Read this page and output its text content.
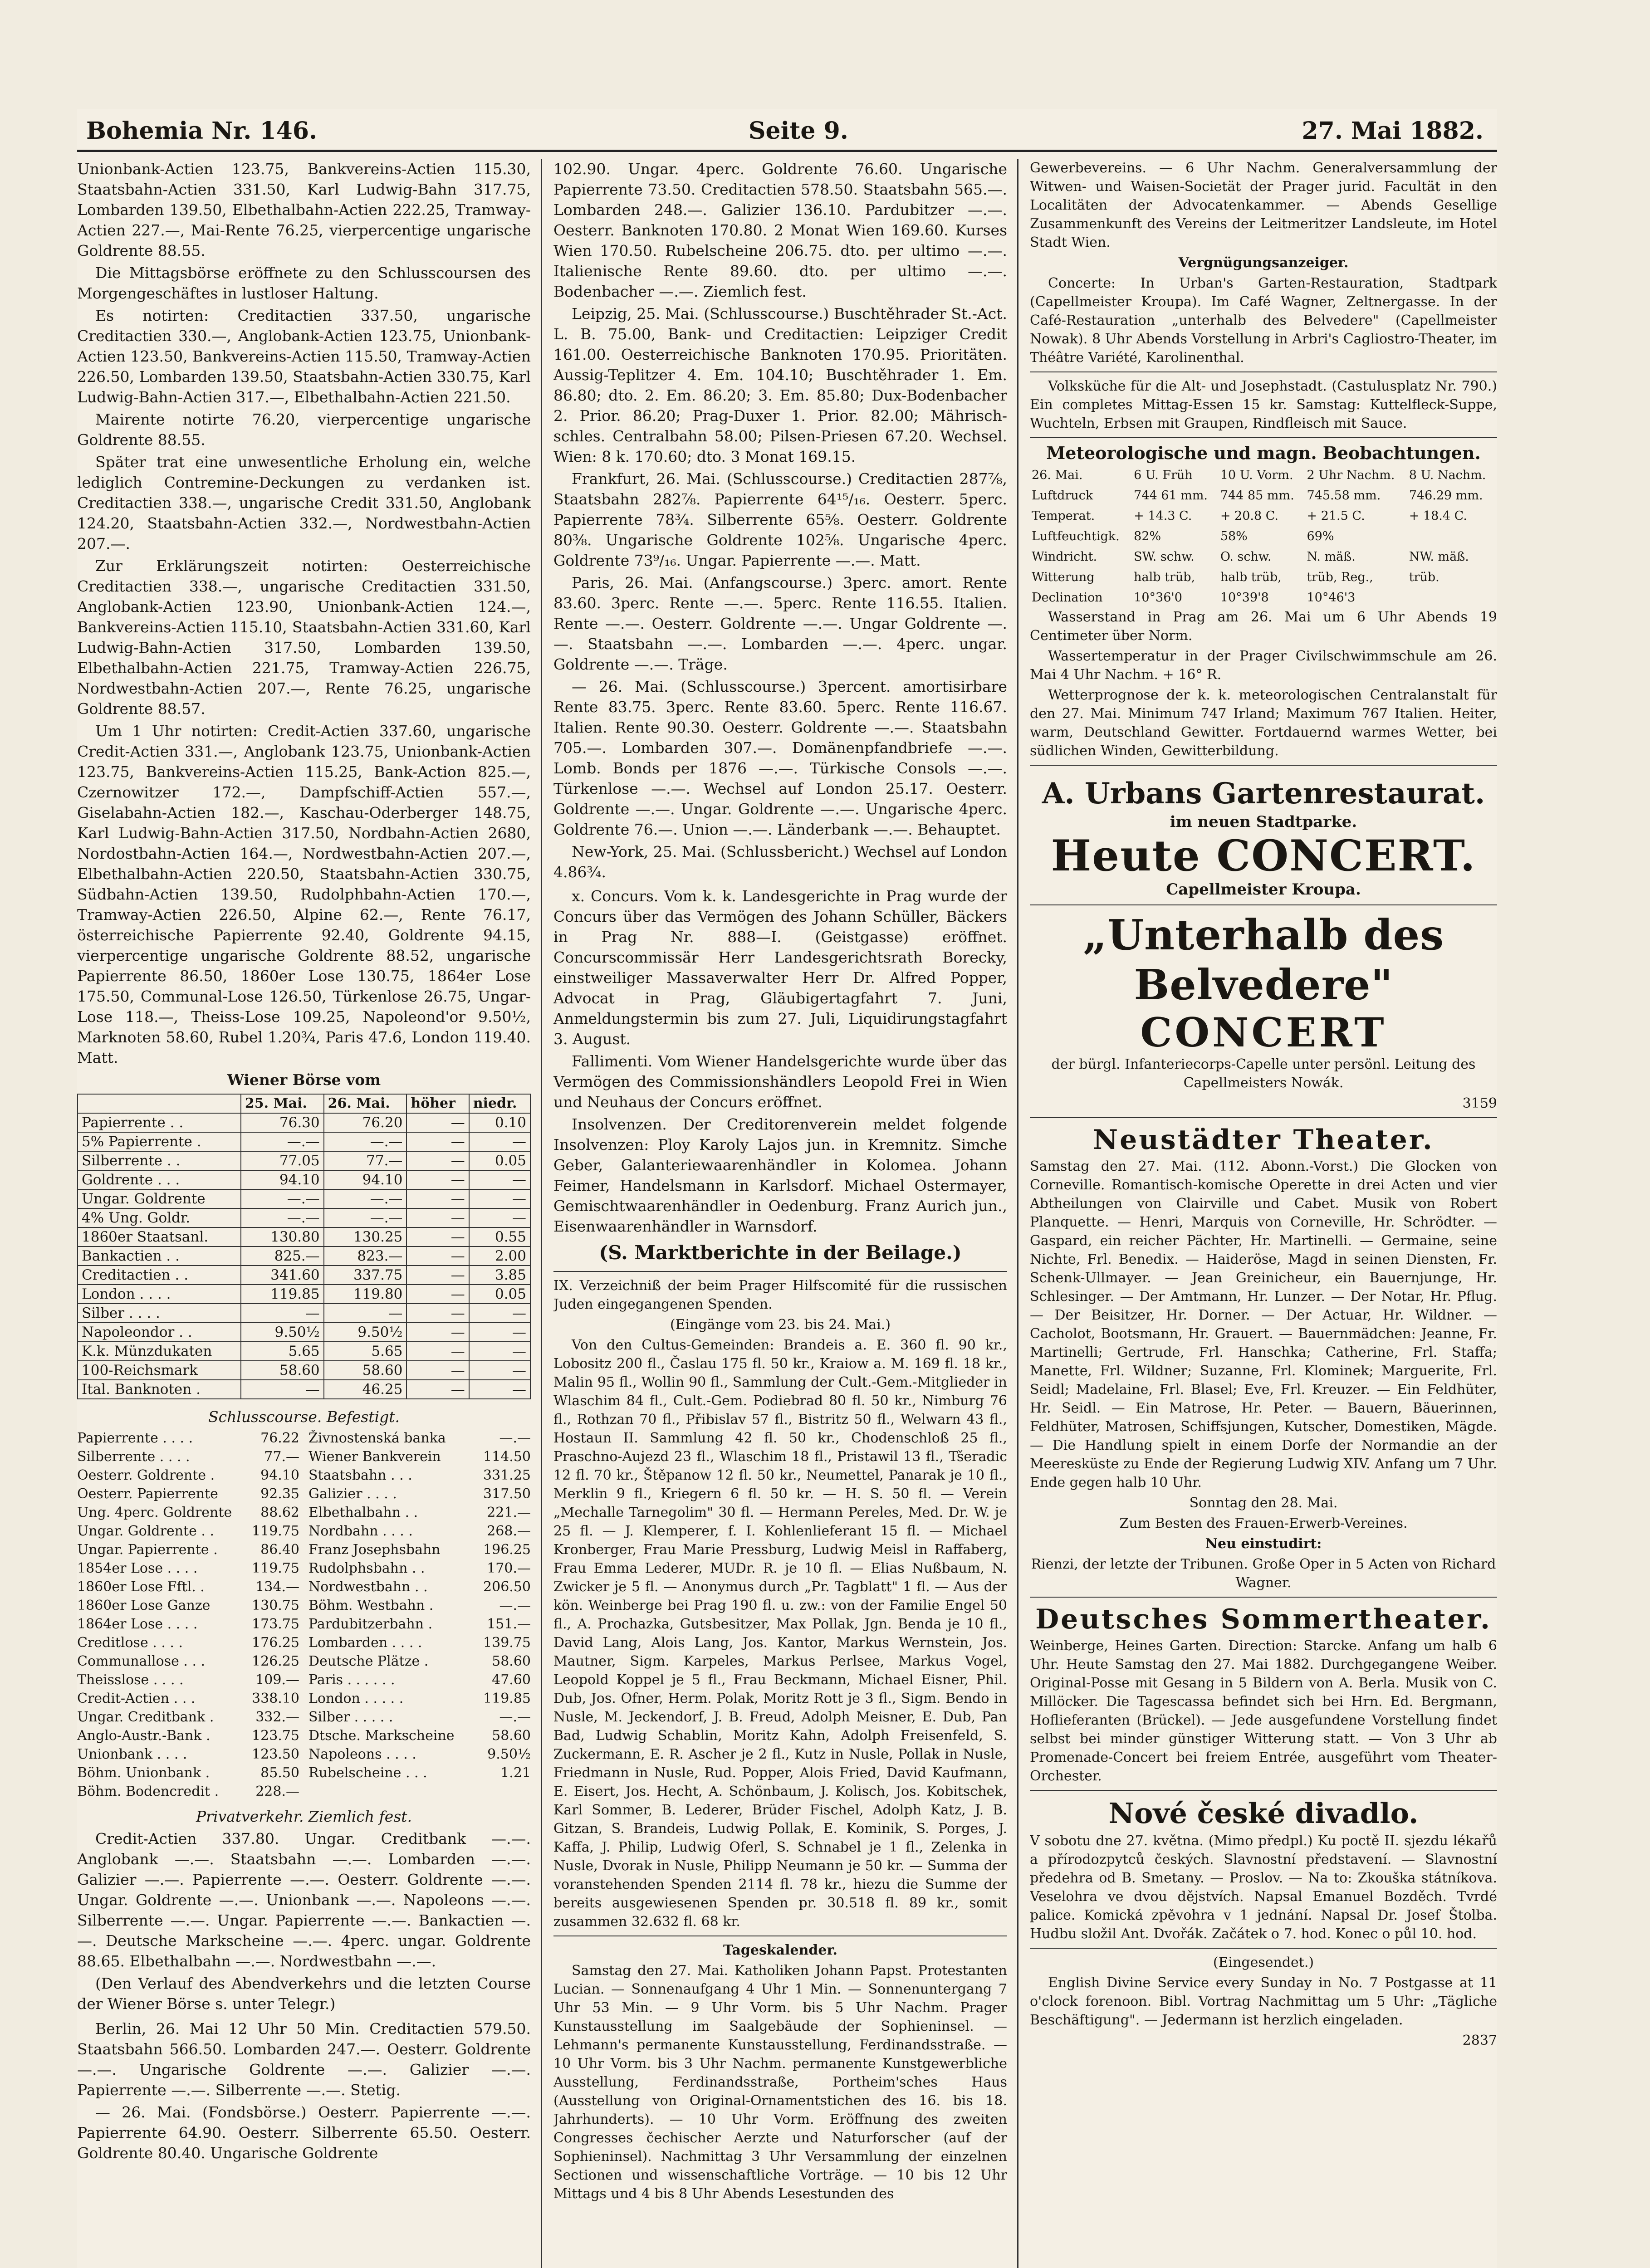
Bohemia Nr. 146.	Seite 9.	27. Mai 1882.

Unionbank-Actien 123.75, Bankvereins-Actien 115.30, Staatsbahn-Actien 331.50, Karl Ludwig-Bahn 317.75, Lombarden 139.50, Elbethalbahn-Actien 222.25, Tramway-Actien 227.—, Mai-Rente 76.25, vierpercentige ungarische Goldrente 88.55.

Die Mittagsbörse eröffnete zu den Schlusscoursen des Morgengeschäftes in lustloser Haltung.

Es notirten: Creditactien 337.50, ungarische Creditactien 330.—, Anglobank-Actien 123.75, Unionbank-Actien 123.50, Bankvereins-Actien 115.50, Tramway-Actien 226.50, Lombarden 139.50, Staatsbahn-Actien 330.75, Karl Ludwig-Bahn-Actien 317.—, Elbethalbahn-Actien 221.50.

Mairente notirte 76.20, vierpercentige ungarische Goldrente 88.55.

Später trat eine unwesentliche Erholung ein, welche lediglich Contremine-Deckungen zu verdanken ist. Creditactien 338.—, ungarische Credit 331.50, Anglobank 124.20, Staatsbahn-Actien 332.—, Nordwestbahn-Actien 207.—.

Zur Erklärungszeit notirten: Oesterreichische Creditactien 338.—, ungarische Creditactien 331.50, Anglobank-Actien 123.90, Unionbank-Actien 124.—, Bankvereins-Actien 115.10, Staatsbahn-Actien 331.60, Karl Ludwig-Bahn-Actien 317.50, Lombarden 139.50, Elbethalbahn-Actien 221.75, Tramway-Actien 226.75, Nordwestbahn-Actien 207.—, Rente 76.25, ungarische Goldrente 88.57.

Um 1 Uhr notirten: Credit-Actien 337.60, ungarische Credit-Actien 331.—, Anglobank 123.75, Unionbank-Actien 123.75, Bankvereins-Actien 115.25, Bank-Action 825.—, Czernowitzer 172.—, Dampfschiff-Actien 557.—, Giselabahn-Actien 182.—, Kaschau-Oderberger 148.75, Karl Ludwig-Bahn-Actien 317.50, Nordbahn-Actien 2680, Nordostbahn-Actien 164.—, Nordwestbahn-Actien 207.—, Elbethalbahn-Actien 220.50, Staatsbahn-Actien 330.75, Südbahn-Actien 139.50, Rudolphbahn-Actien 170.—, Tramway-Actien 226.50, Alpine 62.—, Rente 76.17, österreichische Papierrente 92.40, Goldrente 94.15, vierpercentige ungarische Goldrente 88.52, ungarische Papierrente 86.50, 1860er Lose 130.75, 1864er Lose 175.50, Communal-Lose 126.50, Türkenlose 26.75, Ungar-Lose 118.—, Theiss-Lose 109.25, Napoleond'or 9.50½, Marknoten 58.60, Rubel 1.20¾, Paris 47.6, London 119.40. Matt.

Wiener Börse vom

	25. Mai.	26. Mai.	höher	niedr.
Papierrente . .	76.30	76.20	—	0.10
5% Papierrente .	—.—	—.—	—	—
Silberrente . .	77.05	77.—	—	0.05
Goldrente . . .	94.10	94.10	—	—
Ungar. Goldrente	—.—	—.—	—	—
4% Ung. Goldr.	—.—	—.—	—	—
1860er Staatsanl.	130.80	130.25	—	0.55
Bankactien . .	825.—	823.—	—	2.00
Creditactien . .	341.60	337.75	—	3.85
London . . . .	119.85	119.80	—	0.05
Silber . . . .	—	—	—	—
Napoleondor . .	9.50½	9.50½	—	—
K.k. Münzdukaten	5.65	5.65	—	—
100-Reichsmark	58.60	58.60	—	—
Ital. Banknoten .	—	46.25	—	—

Schlusscourse. Befestigt.

Papierrente . . . .	76.22 Živnostenská banka	—.—
Silberrente . . . .	77.— Wiener Bankverein	114.50
Oesterr. Goldrente .	94.10 Staatsbahn . . .	331.25
Oesterr. Papierrente	92.35 Galizier . . . .	317.50
Ung. 4perc. Goldrente 88.62 Elbethalbahn . .	221.—
Ungar. Goldrente . .	119.75 Nordbahn . . . .	268.—
Ungar. Papierrente .	86.40 Franz Josephsbahn	196.25
1854er Lose . . . .	119.75 Rudolphsbahn . .	170.—
1860er Lose Fftl. .	134.— Nordwestbahn . .	206.50
1860er Lose Ganze	130.75 Böhm. Westbahn .	—.—
1864er Lose . . . .	173.75 Pardubitzerbahn .	151.—
Creditlose . . . .	176.25 Lombarden . . . .	139.75
Communallose . . .	126.25 Deutsche Plätze .	58.60
Theisslose . . . .	109.— Paris . . . . . .	47.60
Credit-Actien . . .	338.10 London . . . . .	119.85
Ungar. Creditbank .	332.— Silber . . . . .	—.—
Anglo-Austr.-Bank .	123.75 Dtsche. Markscheine	58.60
Unionbank . . . .	123.50 Napoleons . . . .	9.50½
Böhm. Unionbank .	85.50 Rubelscheine . . .	1.21
Böhm. Bodencredit .	228.—

Privatverkehr. Ziemlich fest.

Credit-Actien 337.80. Ungar. Creditbank —.—. Anglobank —.—. Staatsbahn —.—. Lombarden —.—. Galizier —.—. Papierrente —.—. Oesterr. Goldrente —.—. Ungar. Goldrente —.—. Unionbank —.—. Napoleons —.—. Silberrente —.—. Ungar. Papierrente —.—. Bankactien —.—. Deutsche Markscheine —.—. 4perc. ungar. Goldrente 88.65. Elbethalbahn —.—. Nordwestbahn —.—.

(Den Verlauf des Abendverkehrs und die letzten Course der Wiener Börse s. unter Telegr.)

Berlin, 26. Mai 12 Uhr 50 Min. Creditactien 579.50. Staatsbahn 566.50. Lombarden 247.—. Oesterr. Goldrente —.—. Ungarische Goldrente —.—. Galizier —.—. Papierrente —.—. Silberrente —.—. Stetig.

— 26. Mai. (Fondsbörse.) Oesterr. Papierrente —.—. Papierrente 64.90. Oesterr. Silberrente 65.50. Oesterr. Goldrente 80.40. Ungarische Goldrente

102.90. Ungar. 4perc. Goldrente 76.60. Ungarische Papierrente 73.50. Creditactien 578.50. Staatsbahn 565.—. Lombarden 248.—. Galizier 136.10. Pardubitzer —.—. Oesterr. Banknoten 170.80. 2 Monat Wien 169.60. Kurses Wien 170.50. Rubelscheine 206.75. dto. per ultimo —.—. Italienische Rente 89.60. dto. per ultimo —.—. Bodenbacher —.—. Ziemlich fest.

Leipzig, 25. Mai. (Schlusscourse.) Buschtěhrader St.-Act. L. B. 75.00, Bank- und Creditactien: Leipziger Credit 161.00. Oesterreichische Banknoten 170.95. Prioritäten. Aussig-Teplitzer 4. Em. 104.10; Buschtěhrader 1. Em. 86.80; dto. 2. Em. 86.20; 3. Em. 85.80; Dux-Bodenbacher 2. Prior. 86.20; Prag-Duxer 1. Prior. 82.00; Mährisch-schles. Centralbahn 58.00; Pilsen-Priesen 67.20. Wechsel. Wien: 8 k. 170.60; dto. 3 Monat 169.15.

Frankfurt, 26. Mai. (Schlusscourse.) Creditactien 287⅞, Staatsbahn 282⅞. Papierrente 64¹⁵/₁₆. Oesterr. 5perc. Papierrente 78¾. Silberrente 65⅝. Oesterr. Goldrente 80⅜. Ungarische Goldrente 102⅝. Ungarische 4perc. Goldrente 73⁹/₁₆. Ungar. Papierrente —.—. Matt.

Paris, 26. Mai. (Anfangscourse.) 3perc. amort. Rente 83.60. 3perc. Rente —.—. 5perc. Rente 116.55. Italien. Rente —.—. Oesterr. Goldrente —.—. Ungar Goldrente —.—. Staatsbahn —.—. Lombarden —.—. 4perc. ungar. Goldrente —.—. Träge.

— 26. Mai. (Schlusscourse.) 3percent. amortisirbare Rente 83.75. 3perc. Rente 83.60. 5perc. Rente 116.67. Italien. Rente 90.30. Oesterr. Goldrente —.—. Staatsbahn 705.—. Lombarden 307.—. Domänenpfandbriefe —.—. Lomb. Bonds per 1876 —.—. Türkische Consols —.—. Türkenlose —.—. Wechsel auf London 25.17. Oesterr. Goldrente —.—. Ungar. Goldrente —.—. Ungarische 4perc. Goldrente 76.—. Union —.—. Länderbank —.—. Behauptet.

New-York, 25. Mai. (Schlussbericht.) Wechsel auf London 4.86¾.

x. Concurs. Vom k. k. Landesgerichte in Prag wurde der Concurs über das Vermögen des Johann Schüller, Bäckers in Prag Nr. 888—I. (Geistgasse) eröffnet. Concurscommissär Herr Landesgerichtsrath Borecky, einstweiliger Massaverwalter Herr Dr. Alfred Popper, Advocat in Prag, Gläubigertagfahrt 7. Juni, Anmeldungstermin bis zum 27. Juli, Liquidirungstagfahrt 3. August.

Fallimenti. Vom Wiener Handelsgerichte wurde über das Vermögen des Commissionshändlers Leopold Frei in Wien und Neuhaus der Concurs eröffnet.

Insolvenzen. Der Creditorenverein meldet folgende Insolvenzen: Ploy Karoly Lajos jun. in Kremnitz. Simche Geber, Galanteriewaarenhändler in Kolomea. Johann Feimer, Handelsmann in Karlsdorf. Michael Ostermayer, Gemischtwaarenhändler in Oedenburg. Franz Aurich jun., Eisenwaarenhändler in Warnsdorf.

(S. Marktberichte in der Beilage.)

IX. Verzeichniß der beim Prager Hilfscomité für die russischen Juden eingegangenen Spenden.

(Eingänge vom 23. bis 24. Mai.)

Von den Cultus-Gemeinden: Brandeis a. E. 360 fl. 90 kr., Lobositz 200 fl., Časlau 175 fl. 50 kr., Kraiow a. M. 169 fl. 18 kr., Malin 95 fl., Wollin 90 fl., Sammlung der Cult.-Gem.-Mitglieder in Wlaschim 84 fl., Cult.-Gem. Podiebrad 80 fl. 50 kr., Nimburg 76 fl., Rothzan 70 fl., Přibislav 57 fl., Bistritz 50 fl., Welwarn 43 fl., Hostaun II. Sammlung 42 fl. 50 kr., Chodenschloß 25 fl., Praschno-Aujezd 23 fl., Wlaschim 18 fl., Pristawil 13 fl., Tšeradic 12 fl. 70 kr., Štěpanow 12 fl. 50 kr., Neumettel, Panarak je 10 fl., Merklin 9 fl., Kriegern 6 fl. 50 kr. — H. S. 50 fl. — Verein „Mechalle Tarnegolim" 30 fl. — Hermann Pereles, Med. Dr. W. je 25 fl. — J. Klemperer, f. I. Kohlenlieferant 15 fl. — Michael Kronberger, Frau Marie Pressburg, Ludwig Meisl in Raffaberg, Frau Emma Lederer, MUDr. R. je 10 fl. — Elias Nußbaum, N. Zwicker je 5 fl. — Anonymus durch „Pr. Tagblatt" 1 fl. — Aus der kön. Weinberge bei Prag 190 fl. u. zw.: von der Familie Engel 50 fl., A. Prochazka, Gutsbesitzer, Max Pollak, Jgn. Benda je 10 fl., David Lang, Alois Lang, Jos. Kantor, Markus Wernstein, Jos. Mautner, Sigm. Karpeles, Markus Perlsee, Markus Vogel, Leopold Koppel je 5 fl., Frau Beckmann, Michael Eisner, Phil. Dub, Jos. Ofner, Herm. Polak, Moritz Rott je 3 fl., Sigm. Bendo in Nusle, M. Jeckendorf, J. B. Freud, Adolph Meisner, E. Dub, Pan Bad, Ludwig Schablin, Moritz Kahn, Adolph Freisenfeld, S. Zuckermann, E. R. Ascher je 2 fl., Kutz in Nusle, Pollak in Nusle, Friedmann in Nusle, Rud. Popper, Alois Fried, David Kaufmann, E. Eisert, Jos. Hecht, A. Schönbaum, J. Kolisch, Jos. Kobitschek, Karl Sommer, B. Lederer, Brüder Fischel, Adolph Katz, J. B. Gitzan, S. Brandeis, Ludwig Pollak, E. Kominik, S. Porges, J. Kaffa, J. Philip, Ludwig Oferl, S. Schnabel je 1 fl., Zelenka in Nusle, Dvorak in Nusle, Philipp Neumann je 50 kr. — Summa der voranstehenden Spenden 2114 fl. 78 kr., hiezu die Summe der bereits ausgewiesenen Spenden pr. 30.518 fl. 89 kr., somit zusammen 32.632 fl. 68 kr.

Tageskalender.

Samstag den 27. Mai. Katholiken Johann Papst. Protestanten Lucian. — Sonnenaufgang 4 Uhr 1 Min. — Sonnenuntergang 7 Uhr 53 Min. — 9 Uhr Vorm. bis 5 Uhr Nachm. Prager Kunstausstellung im Saalgebäude der Sophieninsel. — Lehmann's permanente Kunstausstellung, Ferdinandsstraße. — 10 Uhr Vorm. bis 3 Uhr Nachm. permanente Kunstgewerbliche Ausstellung, Ferdinandsstraße, Portheim'sches Haus (Ausstellung von Original-Ornamentstichen des 16. bis 18. Jahrhunderts). — 10 Uhr Vorm. Eröffnung des zweiten Congresses čechischer Aerzte und Naturforscher (auf der Sophieninsel). Nachmittag 3 Uhr Versammlung der einzelnen Sectionen und wissenschaftliche Vorträge. — 10 bis 12 Uhr Mittags und 4 bis 8 Uhr Abends Lesestunden des

Gewerbevereins. — 6 Uhr Nachm. Generalversammlung der Witwen- und Waisen-Societät der Prager jurid. Facultät in den Localitäten der Advocatenkammer. — Abends Gesellige Zusammenkunft des Vereins der Leitmeritzer Landsleute, im Hotel Stadt Wien.

Vergnügungsanzeiger.

Concerte: In Urban's Garten-Restauration, Stadtpark (Capellmeister Kroupa). Im Café Wagner, Zeltnergasse. In der Café-Restauration „unterhalb des Belvedere" (Capellmeister Nowak). 8 Uhr Abends Vorstellung in Arbri's Cagliostro-Theater, im Théâtre Variété, Karolinenthal.

Volksküche für die Alt- und Josephstadt. (Castulusplatz Nr. 790.) Ein completes Mittag-Essen 15 kr. Samstag: Kuttelfleck-Suppe, Wuchteln, Erbsen mit Graupen, Rindfleisch mit Sauce.

Meteorologische und magn. Beobachtungen.

26. Mai.	6 U. Früh	10 U. Vorm.	2 Uhr Nachm.	8 U. Nachm.
Luftdruck	744 61 mm.	744 85 mm.	745.58 mm.	746.29 mm.
Temperat.	+ 14.3 C.	+ 20.8 C.	+ 21.5 C.	+ 18.4 C.
Luftfeuchtigk.	82%	58%	69%	
Windricht.	SW. schw.	O. schw.	N. mäß.	NW. mäß.
Witterung	halb trüb,	halb trüb,	trüb, Reg.,	trüb.
Declination	10°36'0	10°39'8	10°46'3	

Wasserstand in Prag am 26. Mai um 6 Uhr Abends 19 Centimeter über Norm.

Wassertemperatur in der Prager Civilschwimmschule am 26. Mai 4 Uhr Nachm. + 16° R.

Wetterprognose der k. k. meteorologischen Centralanstalt für den 27. Mai. Minimum 747 Irland; Maximum 767 Italien. Heiter, warm, Deutschland Gewitter. Fortdauernd warmes Wetter, bei südlichen Winden, Gewitterbildung.

A. Urbans Gartenrestaurat.
im neuen Stadtparke.
Heute CONCERT.
Capellmeister Kroupa.
„Unterhalb des Belvedere"
CONCERT

der bürgl. Infanteriecorps-Capelle unter persönl. Leitung des Capellmeisters Nowák.

3159

Neustädter Theater.

Samstag den 27. Mai. (112. Abonn.-Vorst.) Die Glocken von Corneville. Romantisch-komische Operette in drei Acten und vier Abtheilungen von Clairville und Cabet. Musik von Robert Planquette. — Henri, Marquis von Corneville, Hr. Schrödter. — Gaspard, ein reicher Pächter, Hr. Martinelli. — Germaine, seine Nichte, Frl. Benedix. — Haideröse, Magd in seinen Diensten, Fr. Schenk-Ullmayer. — Jean Greinicheur, ein Bauernjunge, Hr. Schlesinger. — Der Amtmann, Hr. Lunzer. — Der Notar, Hr. Pflug. — Der Beisitzer, Hr. Dorner. — Der Actuar, Hr. Wildner. — Cacholot, Bootsmann, Hr. Grauert. — Bauernmädchen: Jeanne, Fr. Martinelli; Gertrude, Frl. Hanschka; Catherine, Frl. Staffa; Manette, Frl. Wildner; Suzanne, Frl. Klominek; Marguerite, Frl. Seidl; Madelaine, Frl. Blasel; Eve, Frl. Kreuzer. — Ein Feldhüter, Hr. Seidl. — Ein Matrose, Hr. Peter. — Bauern, Bäuerinnen, Feldhüter, Matrosen, Schiffsjungen, Kutscher, Domestiken, Mägde. — Die Handlung spielt in einem Dorfe der Normandie an der Meeresküste zu Ende der Regierung Ludwig XIV. Anfang um 7 Uhr. Ende gegen halb 10 Uhr.

Sonntag den 28. Mai.

Zum Besten des Frauen-Erwerb-Vereines.

Neu einstudirt:

Rienzi, der letzte der Tribunen. Große Oper in 5 Acten von Richard Wagner.

Deutsches Sommertheater.

Weinberge, Heines Garten. Direction: Starcke. Anfang um halb 6 Uhr. Heute Samstag den 27. Mai 1882. Durchgegangene Weiber. Original-Posse mit Gesang in 5 Bildern von A. Berla. Musik von C. Millöcker. Die Tagescassa befindet sich bei Hrn. Ed. Bergmann, Hoflieferanten (Brückel). — Jede ausgefundene Vorstellung findet selbst bei minder günstiger Witterung statt. — Von 3 Uhr ab Promenade-Concert bei freiem Entrée, ausgeführt vom Theater-Orchester.

Nové české divadlo.

V sobotu dne 27. května. (Mimo předpl.) Ku poctě II. sjezdu lékařů a přírodozpytců českých. Slavnostní představení. — Slavnostní předehra od B. Smetany. — Proslov. — Na to: Zkouška státníkova. Veselohra ve dvou dějstvích. Napsal Emanuel Bozděch. Tvrdé palice. Komická zpěvohra v 1 jednání. Napsal Dr. Josef Štolba. Hudbu složil Ant. Dvořák. Začátek o 7. hod. Konec o půl 10. hod.

(Eingesendet.)

English Divine Service every Sunday in No. 7 Postgasse at 11 o'clock forenoon. Bibl. Vortrag Nachmittag um 5 Uhr: „Tägliche Beschäftigung". — Jedermann ist herzlich eingeladen.

2837
